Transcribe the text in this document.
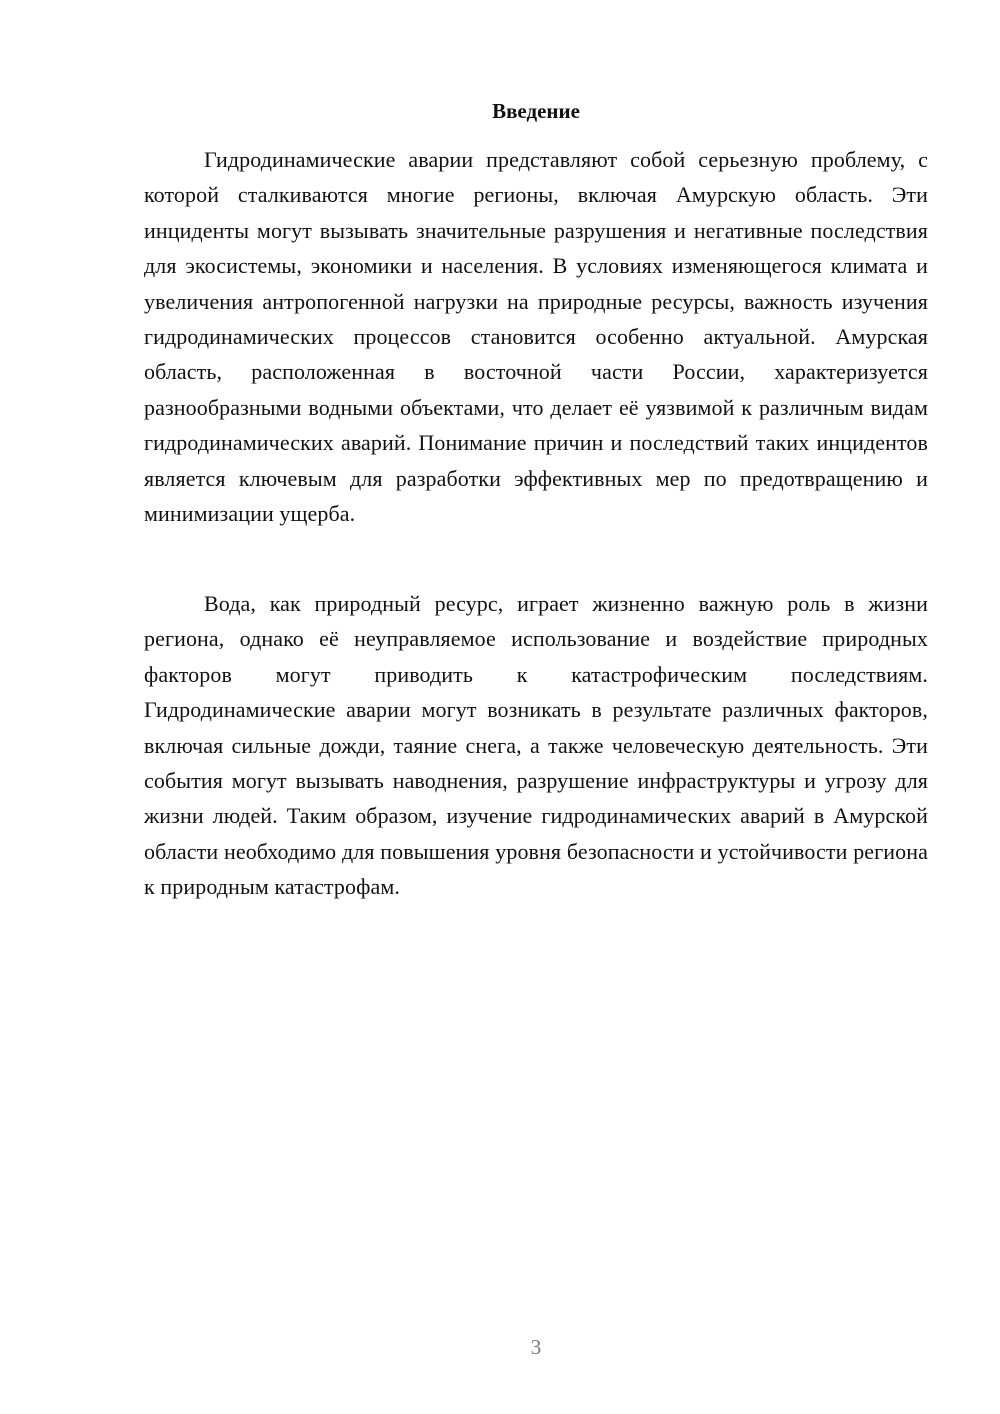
Введение

Гидродинамические аварии представляют собой серьезную проблему, с которой сталкиваются многие регионы, включая Амурскую область. Эти инциденты могут вызывать значительные разрушения и негативные последствия для экосистемы, экономики и населения. В условиях изменяющегося климата и увеличения антропогенной нагрузки на природные ресурсы, важность изучения гидродинамических процессов становится особенно актуальной. Амурская область, расположенная в восточной части России, характеризуется разнообразными водными объектами, что делает её уязвимой к различным видам гидродинамических аварий. Понимание причин и последствий таких инцидентов является ключевым для разработки эффективных мер по предотвращению и минимизации ущерба.

Вода, как природный ресурс, играет жизненно важную роль в жизни региона, однако её неуправляемое использование и воздействие природных факторов могут приводить к катастрофическим последствиям. Гидродинамические аварии могут возникать в результате различных факторов, включая сильные дожди, таяние снега, а также человеческую деятельность. Эти события могут вызывать наводнения, разрушение инфраструктуры и угрозу для жизни людей. Таким образом, изучение гидродинамических аварий в Амурской области необходимо для повышения уровня безопасности и устойчивости региона к природным катастрофам.

3
